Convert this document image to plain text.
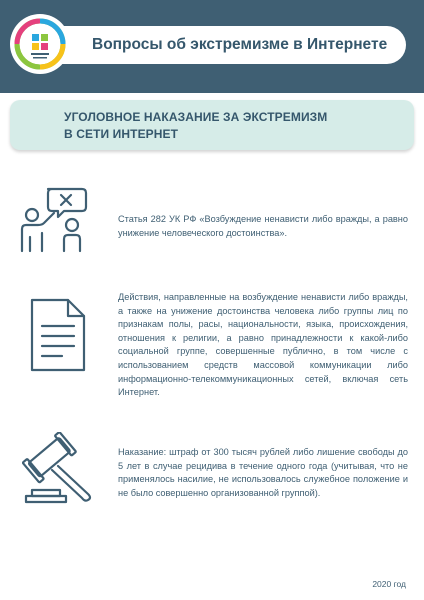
Вопросы об экстремизме в Интернете
УГОЛОВНОЕ НАКАЗАНИЕ ЗА ЭКСТРЕМИЗМ
В СЕТИ ИНТЕРНЕТ
Статья 282 УК РФ «Возбуждение ненависти либо вражды, а равно унижение человеческого достоинства».
Действия, направленные на возбуждение ненависти либо вражды, а также на унижение достоинства человека либо группы лиц по признакам полы, расы, национальности, языка, происхождения, отношения к религии, а равно принадлежности к какой-либо социальной группе, совершенные публично, в том числе с использованием средств массовой коммуникации либо информационно-телекоммуникационных сетей, включая сеть Интернет.
Наказание: штраф от 300 тысяч рублей либо лишение свободы до 5 лет в случае рецидива в течение одного года (учитывая, что не применялось насилие, не использовалось служебное положение и не было совершенно организованной группой).
2020 год
